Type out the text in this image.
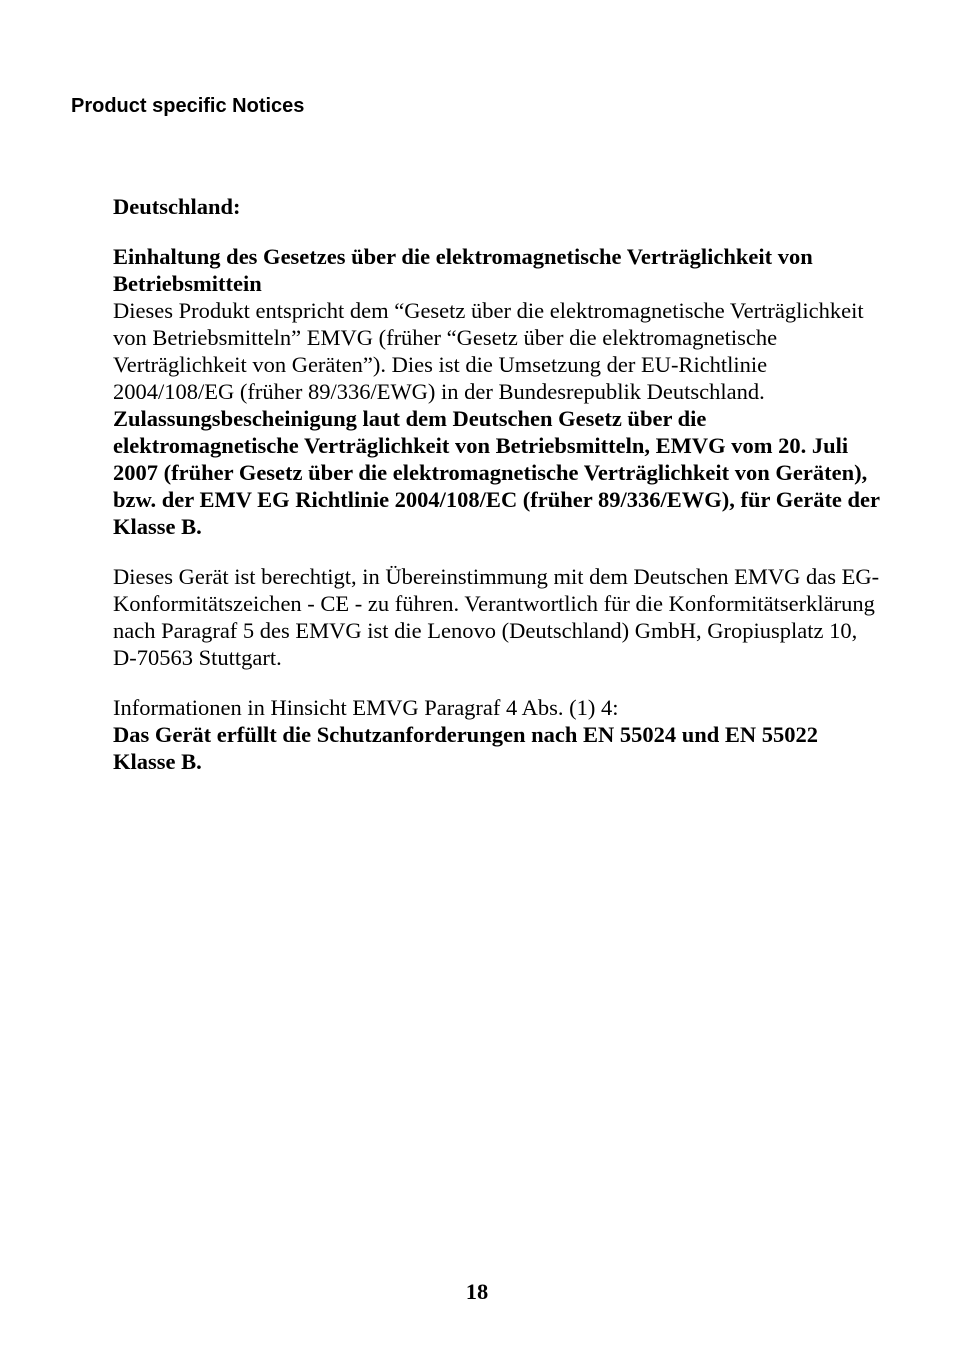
Product specific Notices

Deutschland:

Einhaltung des Gesetzes über die elektromagnetische Verträglichkeit von Betriebsmittein

Dieses Produkt entspricht dem “Gesetz über die elektromagnetische Verträglichkeit von Betriebsmitteln” EMVG (früher “Gesetz über die elektromagnetische Verträglichkeit von Geräten”). Dies ist die Umsetzung der EU-Richtlinie 2004/108/EG (früher 89/336/EWG) in der Bundesrepublik Deutschland.

Zulassungsbescheinigung laut dem Deutschen Gesetz über die elektromagnetische Verträglichkeit von Betriebsmitteln, EMVG vom 20. Juli 2007 (früher Gesetz über die elektromagnetische Verträglichkeit von Geräten), bzw. der EMV EG Richtlinie 2004/108/EC (früher 89/336/EWG), für Geräte der Klasse B.

Dieses Gerät ist berechtigt, in Übereinstimmung mit dem Deutschen EMVG das EG-Konformitätszeichen - CE - zu führen. Verantwortlich für die Konformitätserklärung nach Paragraf 5 des EMVG ist die Lenovo (Deutschland) GmbH, Gropiusplatz 10, D-70563 Stuttgart.

Informationen in Hinsicht EMVG Paragraf 4 Abs. (1) 4:

Das Gerät erfüllt die Schutzanforderungen nach EN 55024 und EN 55022 Klasse B.

18
